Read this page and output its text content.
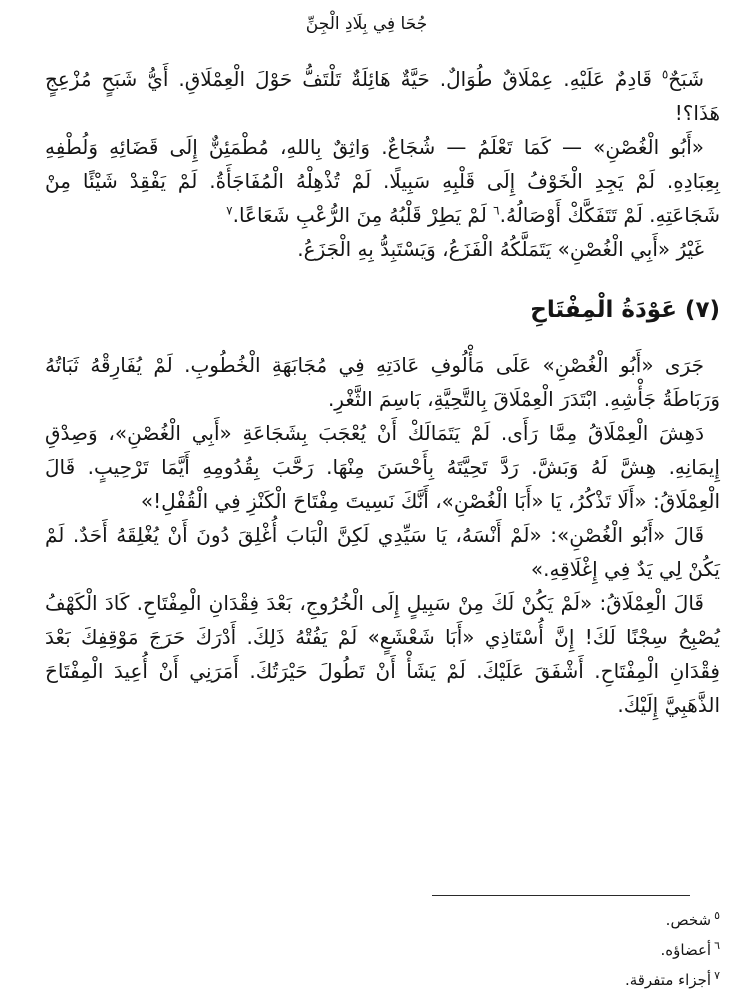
جُحَا فِي بِلَادِ الْجِنِّ

شَبَحٌ$^٥$ قَادِمٌ عَلَيْهِ. عِمْلَاقٌ طُوَالٌ. حَيَّةٌ هَائِلَةٌ تَلْتَفُّ حَوْلَ الْعِمْلَاقِ. أَيُّ شَبَحٍ مُزْعِجٍ هَذَا؟!

«أَبُو الْغُصْنِ» — كَمَا تَعْلَمُ — شُجَاعٌ. وَاثِقٌ بِاللهِ، مُطْمَئِنٌّ إِلَى قَضَائِهِ وَلُطْفِهِ بِعِبَادِهِ. لَمْ يَجِدِ الْخَوْفُ إِلَى قَلْبِهِ سَبِيلًا. لَمْ تُذْهِلْهُ الْمُفَاجَأَةُ. لَمْ يَفْقِدْ شَيْئًا مِنْ شَجَاعَتِهِ. لَمْ تَتَفَكَّكْ أَوْصَالُهُ.$^٦$ لَمْ يَطِرْ قَلْبُهُ مِنَ الرُّعْبِ شَعَاعًا.$^٧$

غَيْرُ «أَبِي الْغُصْنِ» يَتَمَلَّكُهُ الْفَزَعُ، وَيَسْتَبِدُّ بِهِ الْجَزَعُ.

(٧) عَوْدَةُ الْمِفْتَاحِ

جَرَى «أَبُو الْغُصْنِ» عَلَى مَأْلُوفِ عَادَتِهِ فِي مُجَابَهَةِ الْخُطُوبِ. لَمْ يُفَارِقْهُ ثَبَاتُهُ وَرَبَاطَةُ جَأْشِهِ. ابْتَدَرَ الْعِمْلَاقَ بِالتَّحِيَّةِ، بَاسِمَ الثَّغْرِ.

دَهِشَ الْعِمْلَاقُ مِمَّا رَأَى. لَمْ يَتَمَالَكْ أَنْ يُعْجَبَ بِشَجَاعَةِ «أَبِي الْغُصْنِ»، وَصِدْقِ إِيمَانِهِ. هِشَّ لَهُ وَبَشَّ. رَدَّ تَحِيَّتَهُ بِأَحْسَنَ مِنْهَا. رَحَّبَ بِقُدُومِهِ أَيَّمَا تَرْحِيبٍ. قَالَ الْعِمْلَاقُ: «أَلَا تَذْكُرُ، يَا «أَبَا الْغُصْنِ»، أَنَّكَ نَسِيتَ مِفْتَاحَ الْكَنْزِ فِي الْقُفْلِ!»

قَالَ «أَبُو الْغُصْنِ»: «لَمْ أَنْسَهُ، يَا سَيِّدِي لَكِنَّ الْبَابَ أُغْلِقَ دُونَ أَنْ يُغْلِقَهُ أَحَدٌ. لَمْ يَكُنْ لِي يَدٌ فِي إِغْلَاقِهِ.»

قَالَ الْعِمْلَاقُ: «لَمْ يَكُنْ لَكَ مِنْ سَبِيلٍ إِلَى الْخُرُوجِ، بَعْدَ فِقْدَانِ الْمِفْتَاحِ. كَادَ الْكَهْفُ يُصْبِحُ سِجْنًا لَكَ! إِنَّ أُسْتَاذِي «أَبَا شَعْشَعٍ» لَمْ يَفُتْهُ ذَلِكَ. أَدْرَكَ حَرَجَ مَوْقِفِكَ بَعْدَ فِقْدَانِ الْمِفْتَاحِ. أَشْفَقَ عَلَيْكَ. لَمْ يَشَأْ أَنْ تَطُولَ حَيْرَتُكَ. أَمَرَنِي أَنْ أُعِيدَ الْمِفْتَاحَ الذَّهَبِيَّ إِلَيْكَ.

$^٥$شخص.
$^٦$أعضاؤه.
$^٧$أجزاء متفرقة.
